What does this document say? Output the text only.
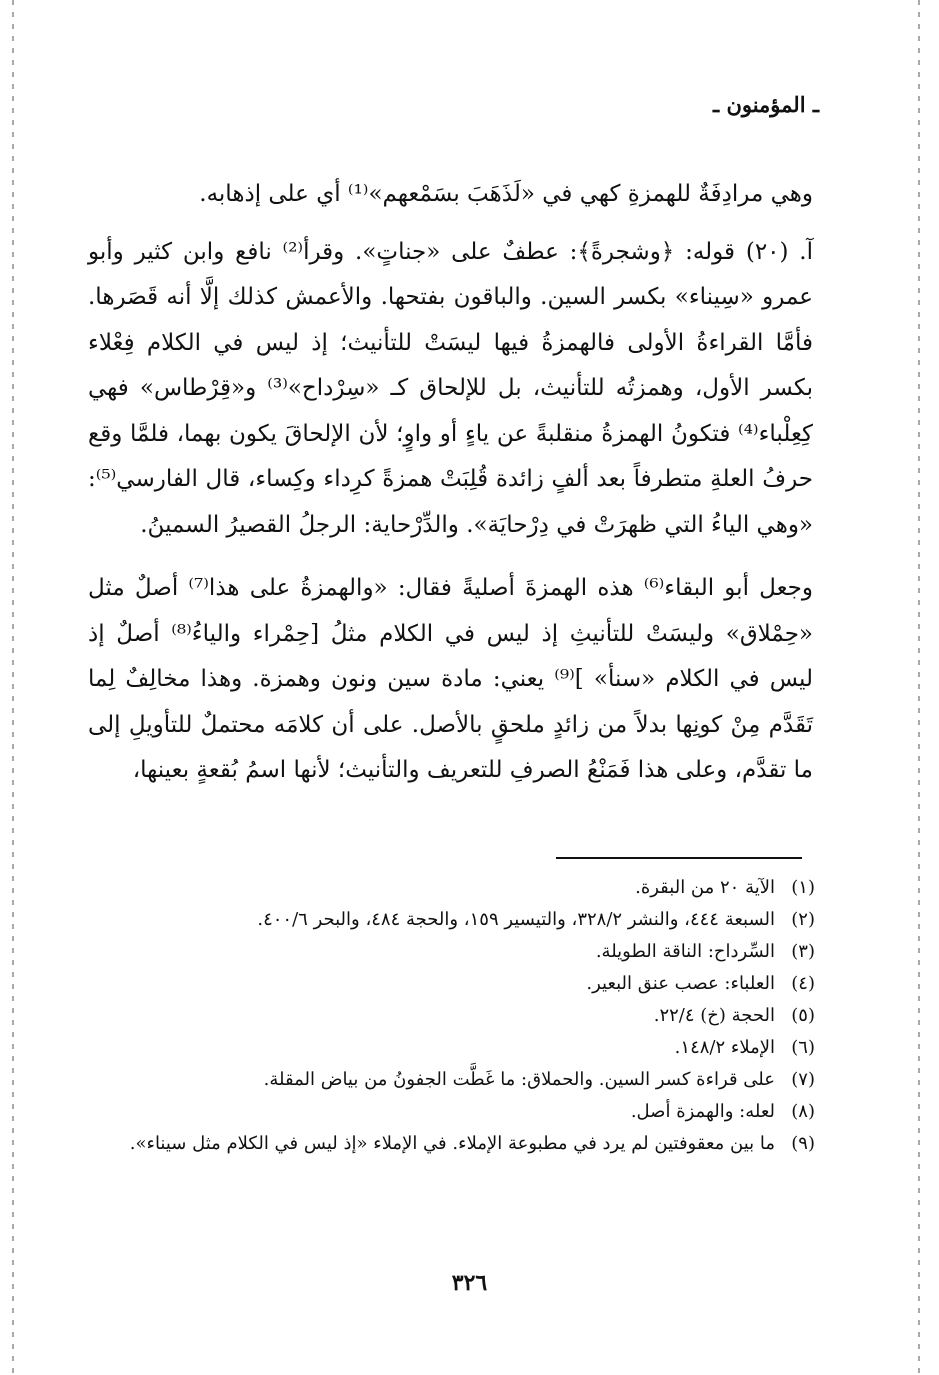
ـ المؤمنون ـ

وهي مرادِفَةٌ للهمزةِ كهي في «لَذَهَبَ بسَمْعهم»⁽¹⁾ أي على إذهابه.

آ. (٢٠) قوله: ﴿وشجرةً﴾: عطفٌ على «جناتٍ». وقرأ⁽²⁾ نافع وابن كثير وأبو عمرو «سِيناء» بكسر السين. والباقون بفتحها. والأعمش كذلك إلَّا أنه قَصَرها. فأمَّا القراءةُ الأولى فالهمزةُ فيها ليسَتْ للتأنيث؛ إذ ليس في الكلام فِعْلاء بكسر الأول، وهمزتُه للتأنيث، بل للإلحاق كـ «سِرْداح»⁽³⁾ و«قِرْطاس» فهي كِعِلْباء⁽⁴⁾ فتكونُ الهمزةُ منقلبةً عن ياءٍ أو واوٍ؛ لأن الإلحاقَ يكون بهما، فلمَّا وقع حرفُ العلةِ متطرفاً بعد ألفٍ زائدة قُلِبَتْ همزةً كرِداء وكِساء، قال الفارسي⁽⁵⁾: «وهي الياءُ التي ظهرَتْ في دِرْحايَة». والدِّرْحاية: الرجلُ القصيرُ السمينُ.

وجعل أبو البقاء⁽⁶⁾ هذه الهمزةَ أصليةً فقال: «والهمزةُ على هذا⁽⁷⁾ أصلٌ مثل «حِمْلاق» وليسَتْ للتأنيثِ إذ ليس في الكلام مثلُ [حِمْراء والياءُ⁽⁸⁾ أصلٌ إذ ليس في الكلام «سنأ» ]⁽⁹⁾ يعني: مادة سين ونون وهمزة. وهذا مخالِفٌ لِما تَقَدَّم مِنْ كونِها بدلاً من زائدٍ ملحقٍ بالأصل. على أن كلامَه محتملٌ للتأويلِ إلى ما تقدَّم، وعلى هذا فَمَنْعُ الصرفِ للتعريف والتأنيث؛ لأنها اسمُ بُقعةٍ بعينها،

(١)
الآية ٢٠ من البقرة.
(٢)
السبعة ٤٤٤، والنشر ٣٢٨/٢، والتيسير ١٥٩، والحجة ٤٨٤، والبحر ٤٠٠/٦.
(٣)
السِّرداح: الناقة الطويلة.
(٤)
العلباء: عصب عنق البعير.
(٥)
الحجة (خ) ٢٢/٤.
(٦)
الإملاء ١٤٨/٢.
(٧)
على قراءة كسر السين. والحملاق: ما غَطَّت الجفونُ من بياض المقلة.
(٨)
لعله: والهمزة أصل.
(٩)
ما بين معقوفتين لم يرد في مطبوعة الإملاء. في الإملاء «إذ ليس في الكلام مثل سيناء».
٣٢٦
